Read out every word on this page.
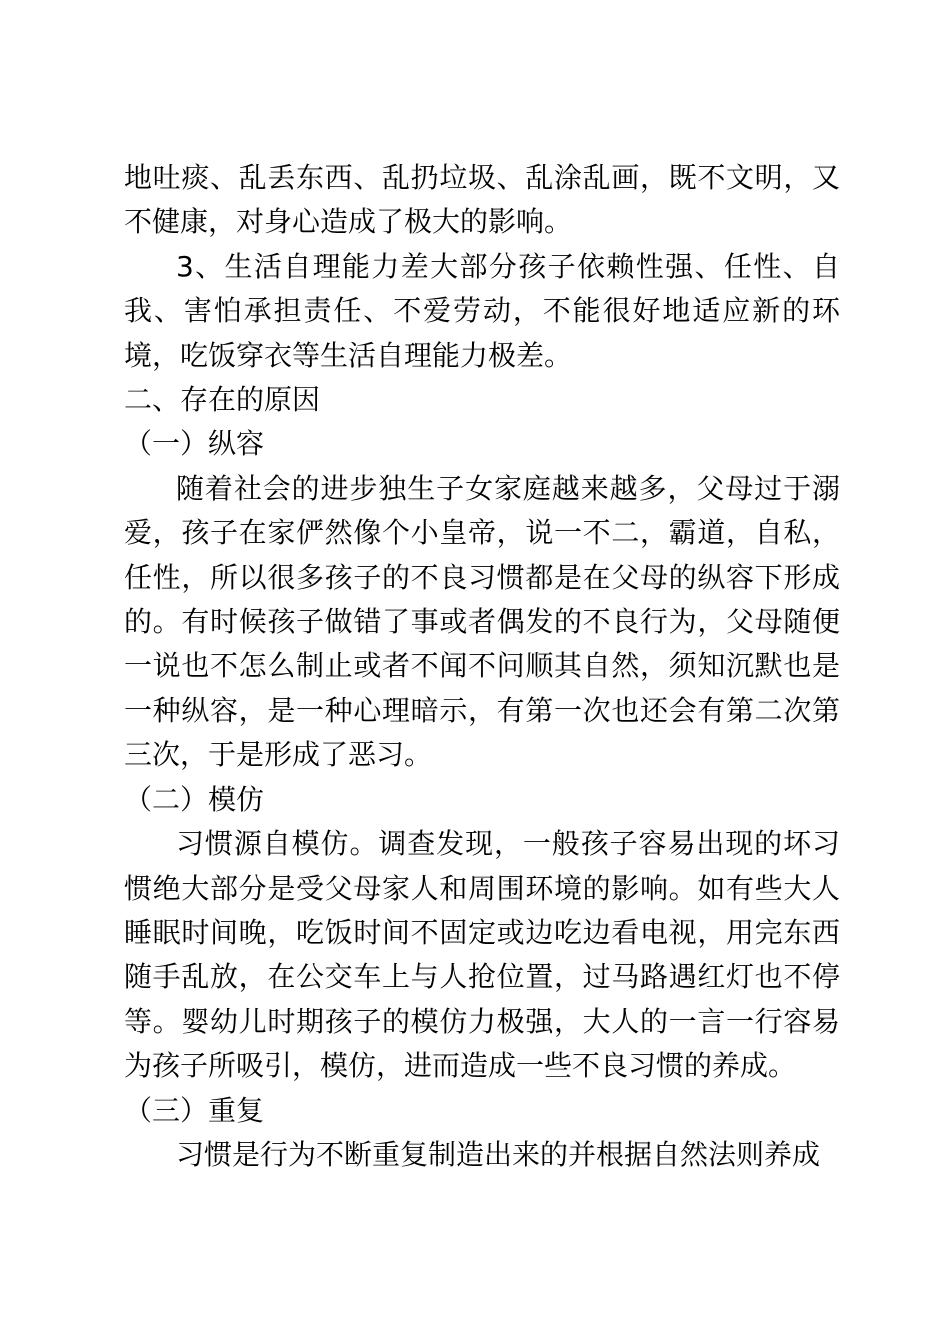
地吐痰、乱丢东西、乱扔垃圾、乱涂乱画，既不文明，又不健康，对身心造成了极大的影响。

3、生活自理能力差大部分孩子依赖性强、任性、自我、害怕承担责任、不爱劳动，不能很好地适应新的环境，吃饭穿衣等生活自理能力极差。

二、存在的原因

（一）纵容

随着社会的进步独生子女家庭越来越多，父母过于溺爱，孩子在家俨然像个小皇帝，说一不二，霸道，自私，任性，所以很多孩子的不良习惯都是在父母的纵容下形成的。有时候孩子做错了事或者偶发的不良行为，父母随便一说也不怎么制止或者不闻不问顺其自然，须知沉默也是一种纵容，是一种心理暗示，有第一次也还会有第二次第三次，于是形成了恶习。

（二）模仿

习惯源自模仿。调查发现，一般孩子容易出现的坏习惯绝大部分是受父母家人和周围环境的影响。如有些大人睡眠时间晚，吃饭时间不固定或边吃边看电视，用完东西随手乱放，在公交车上与人抢位置，过马路遇红灯也不停等。婴幼儿时期孩子的模仿力极强，大人的一言一行容易为孩子所吸引，模仿，进而造成一些不良习惯的养成。

（三）重复

习惯是行为不断重复制造出来的并根据自然法则养成
